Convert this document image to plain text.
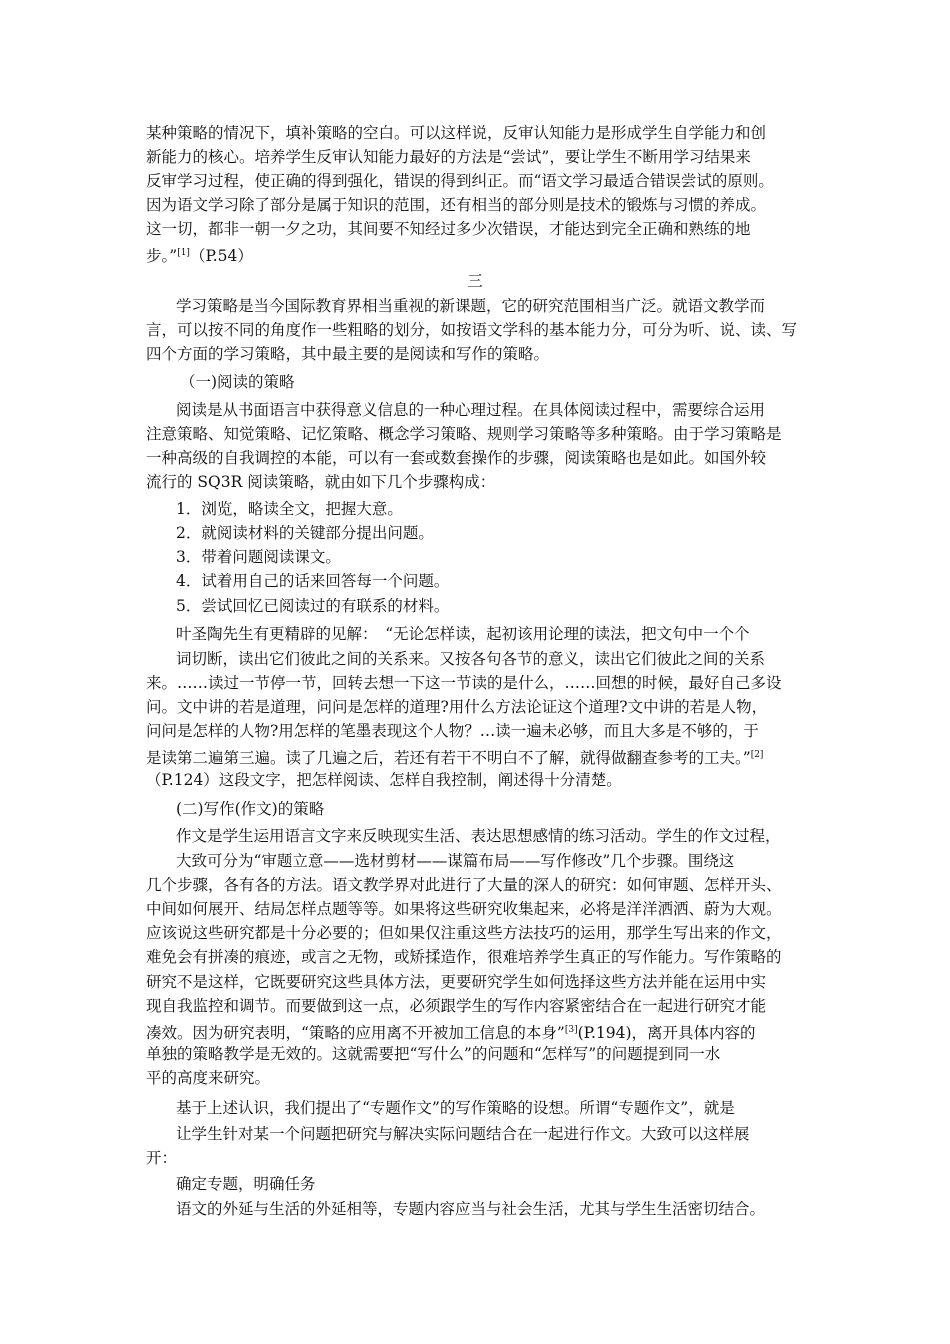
某种策略的情况下，填补策略的空白。可以这样说，反审认知能力是形成学生自学能力和创
新能力的核心。培养学生反审认知能力最好的方法是“尝试”，要让学生不断用学习结果来
反审学习过程，使正确的得到强化，错误的得到纠正。而“语文学习最适合错误尝试的原则。
因为语文学习除了部分是属于知识的范围，还有相当的部分则是技术的锻炼与习惯的养成。
这一切，都非一朝一夕之功，其间要不知经过多少次错误，才能达到完全正确和熟练的地
步。”[1]（P.54）
三
学习策略是当今国际教育界相当重视的新课题，它的研究范围相当广泛。就语文教学而
言，可以按不同的角度作一些粗略的划分，如按语文学科的基本能力分，可分为听、说、读、写
四个方面的学习策略，其中最主要的是阅读和写作的策略。
（一)阅读的策略
阅读是从书面语言中获得意义信息的一种心理过程。在具体阅读过程中，需要综合运用
注意策略、知觉策略、记忆策略、概念学习策略、规则学习策略等多种策略。由于学习策略是
一种高级的自我调控的本能，可以有一套或数套操作的步骤，阅读策略也是如此。如国外较
流行的 SQ3R 阅读策略，就由如下几个步骤构成：
1．浏览，略读全文，把握大意。
2．就阅读材料的关键部分提出问题。
3．带着问题阅读课文。
4．试着用自己的话来回答每一个问题。
5．尝试回忆已阅读过的有联系的材料。
叶圣陶先生有更精辟的见解：　“无论怎样读，起初该用论理的读法，把文句中一个个
词切断，读出它们彼此之间的关系来。又按各句各节的意义，读出它们彼此之间的关系
来。……读过一节停一节，回转去想一下这一节读的是什么，……回想的时候，最好自己多设
问。文中讲的若是道理，问问是怎样的道理?用什么方法论证这个道理?文中讲的若是人物，
问问是怎样的人物?用怎样的笔墨表现这个人物？…读一遍未必够，而且大多是不够的，于
是读第二遍第三遍。读了几遍之后，若还有若干不明白不了解，就得做翻查参考的工夫。”[2]
（P.124）这段文字，把怎样阅读、怎样自我控制，阐述得十分清楚。
(二)写作(作文)的策略
作文是学生运用语言文字来反映现实生活、表达思想感情的练习活动。学生的作文过程，
大致可分为“审题立意——选材剪材——谋篇布局——写作修改”几个步骤。围绕这
几个步骤，各有各的方法。语文教学界对此进行了大量的深人的研究：如何审题、怎样开头、
中间如何展开、结局怎样点题等等。如果将这些研究收集起来，必将是洋洋洒洒、蔚为大观。
应该说这些研究都是十分必要的；但如果仅注重这些方法技巧的运用，那学生写出来的作文，
难免会有拼凑的痕迹，或言之无物，或矫揉造作，很难培养学生真正的写作能力。写作策略的
研究不是这样，它既要研究这些具体方法，更要研究学生如何选择这些方法并能在运用中实
现自我监控和调节。而要做到这一点，必须跟学生的写作内容紧密结合在一起进行研究才能
凑效。因为研究表明，“策略的应用离不开被加工信息的本身”[3](P.194)，离开具体内容的
单独的策略教学是无效的。这就需要把“写什么”的问题和“怎样写”的问题提到同一水
平的高度来研究。
基于上述认识，我们提出了“专题作文”的写作策略的设想。所谓“专题作文”，就是
让学生针对某一个问题把研究与解决实际问题结合在一起进行作文。大致可以这样展
开：
确定专题，明确任务
语文的外延与生活的外延相等，专题内容应当与社会生活，尤其与学生生活密切结合。
